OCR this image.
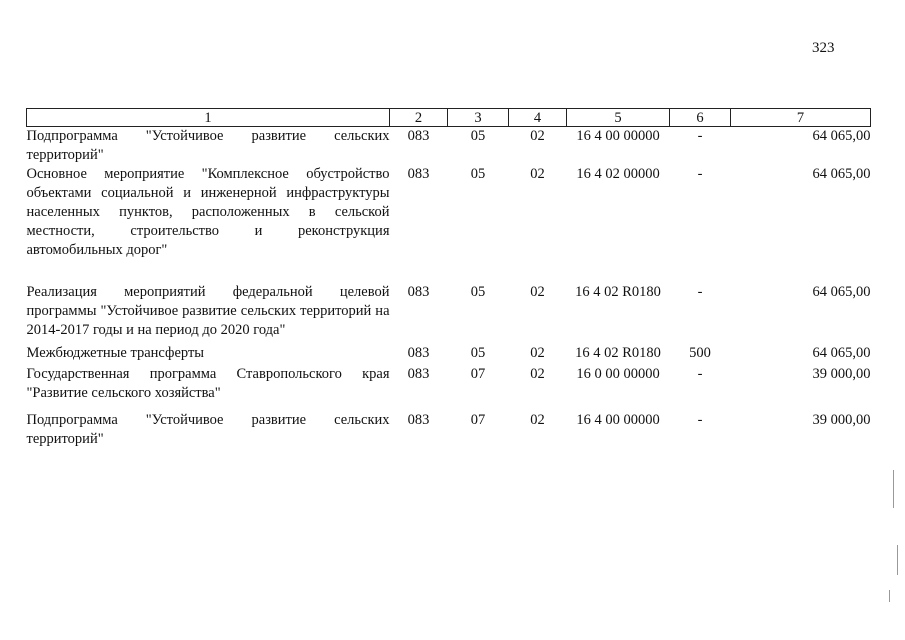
323
1	2	3	4	5	6	7
Подпрограмма "Устойчивое развитие сельских территорий"	083	05	02	16 4 00 00000	-	64 065,00
Основное мероприятие "Комплексное обустройство объектами социальной и инженерной инфраструктуры населенных пунктов, расположенных в сельской местности, строительство и реконструкция автомобильных дорог"	083	05	02	16 4 02 00000	-	64 065,00

Реализация мероприятий федеральной целевой программы "Устойчивое развитие сельских территорий на 2014-2017 годы и на период до 2020 года"	083	05	02	16 4 02 R0180	-	64 065,00
Межбюджетные трансферты	083	05	02	16 4 02 R0180	500	64 065,00
Государственная программа Ставропольского края "Развитие сельского хозяйства"	083	07	02	16 0 00 00000	-	39 000,00
Подпрограмма "Устойчивое развитие сельских территорий"	083	07	02	16 4 00 00000	-	39 000,00
